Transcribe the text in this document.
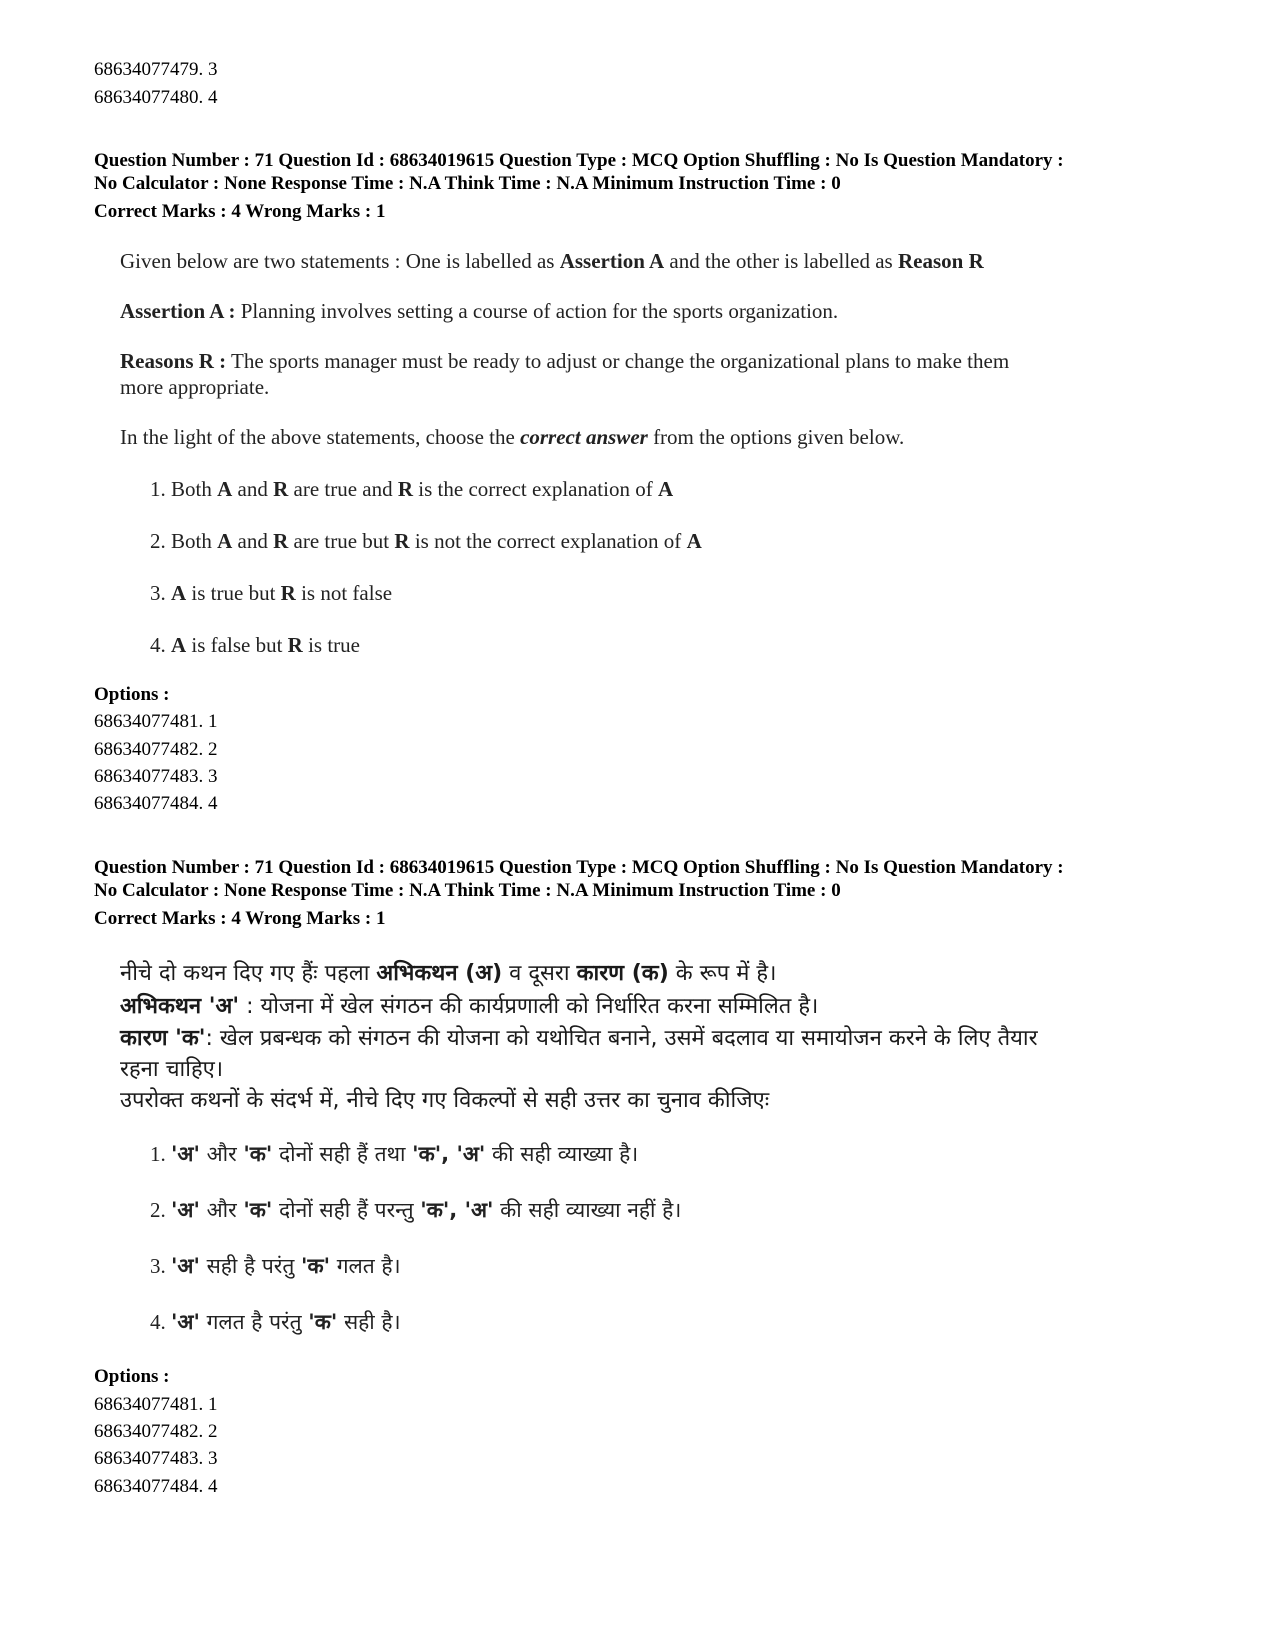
68634077479. 3
68634077480. 4
Question Number : 71 Question Id : 68634019615 Question Type : MCQ Option Shuffling : No Is Question Mandatory :
No Calculator : None Response Time : N.A Think Time : N.A Minimum Instruction Time : 0
Correct Marks : 4 Wrong Marks : 1

Given below are two statements : One is labelled as Assertion A and the other is labelled as Reason R

Assertion A : Planning involves setting a course of action for the sports organization.

Reasons R : The sports manager must be ready to adjust or change the organizational plans to make them

more appropriate.

In the light of the above statements, choose the correct answer from the options given below.

1. Both A and R are true and R is the correct explanation of A
2. Both A and R are true but R is not the correct explanation of A
3. A is true but R is not false
4. A is false but R is true
Options :
68634077481. 1
68634077482. 2
68634077483. 3
68634077484. 4
Question Number : 71 Question Id : 68634019615 Question Type : MCQ Option Shuffling : No Is Question Mandatory :
No Calculator : None Response Time : N.A Think Time : N.A Minimum Instruction Time : 0
Correct Marks : 4 Wrong Marks : 1

नीचे दो कथन दिए गए हैंः पहला अभिकथन (अ) व दूसरा कारण (क) के रूप में है।

अभिकथन 'अ' : योजना में खेल संगठन की कार्यप्रणाली को निर्धारित करना सम्मिलित है।

कारण 'क': खेल प्रबन्धक को संगठन की योजना को यथोचित बनाने, उसमें बदलाव या समायोजन करने के लिए तैयार

रहना चाहिए।

उपरोक्त कथनों के संदर्भ में, नीचे दिए गए विकल्पों से सही उत्तर का चुनाव कीजिएः

1. 'अ' और 'क' दोनों सही हैं तथा 'क', 'अ' की सही व्याख्या है।
2. 'अ' और 'क' दोनों सही हैं परन्तु 'क', 'अ' की सही व्याख्या नहीं है।
3. 'अ' सही है परंतु 'क' गलत है।
4. 'अ' गलत है परंतु 'क' सही है।
Options :
68634077481. 1
68634077482. 2
68634077483. 3
68634077484. 4
